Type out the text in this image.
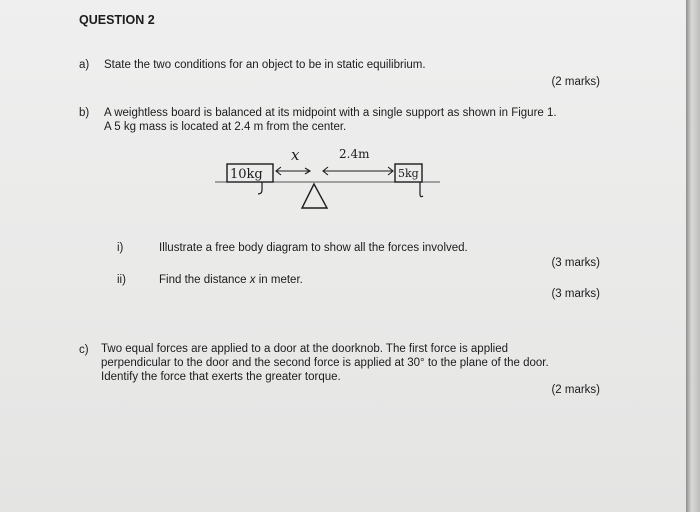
QUESTION 2
a) State the two conditions for an object to be in static equilibrium.
(2 marks)
b) A weightless board is balanced at its midpoint with a single support as shown in Figure 1.
A 5 kg mass is located at 2.4 m from the center.
10kg	5kg
x	2.4m
i)	Illustrate a free body diagram to show all the forces involved.
(3 marks)
ii)	Find the distance x in meter.
(3 marks)
c) Two equal forces are applied to a door at the doorknob. The first force is applied
perpendicular to the door and the second force is applied at 30° to the plane of the door.
Identify the force that exerts the greater torque.
(2 marks)
